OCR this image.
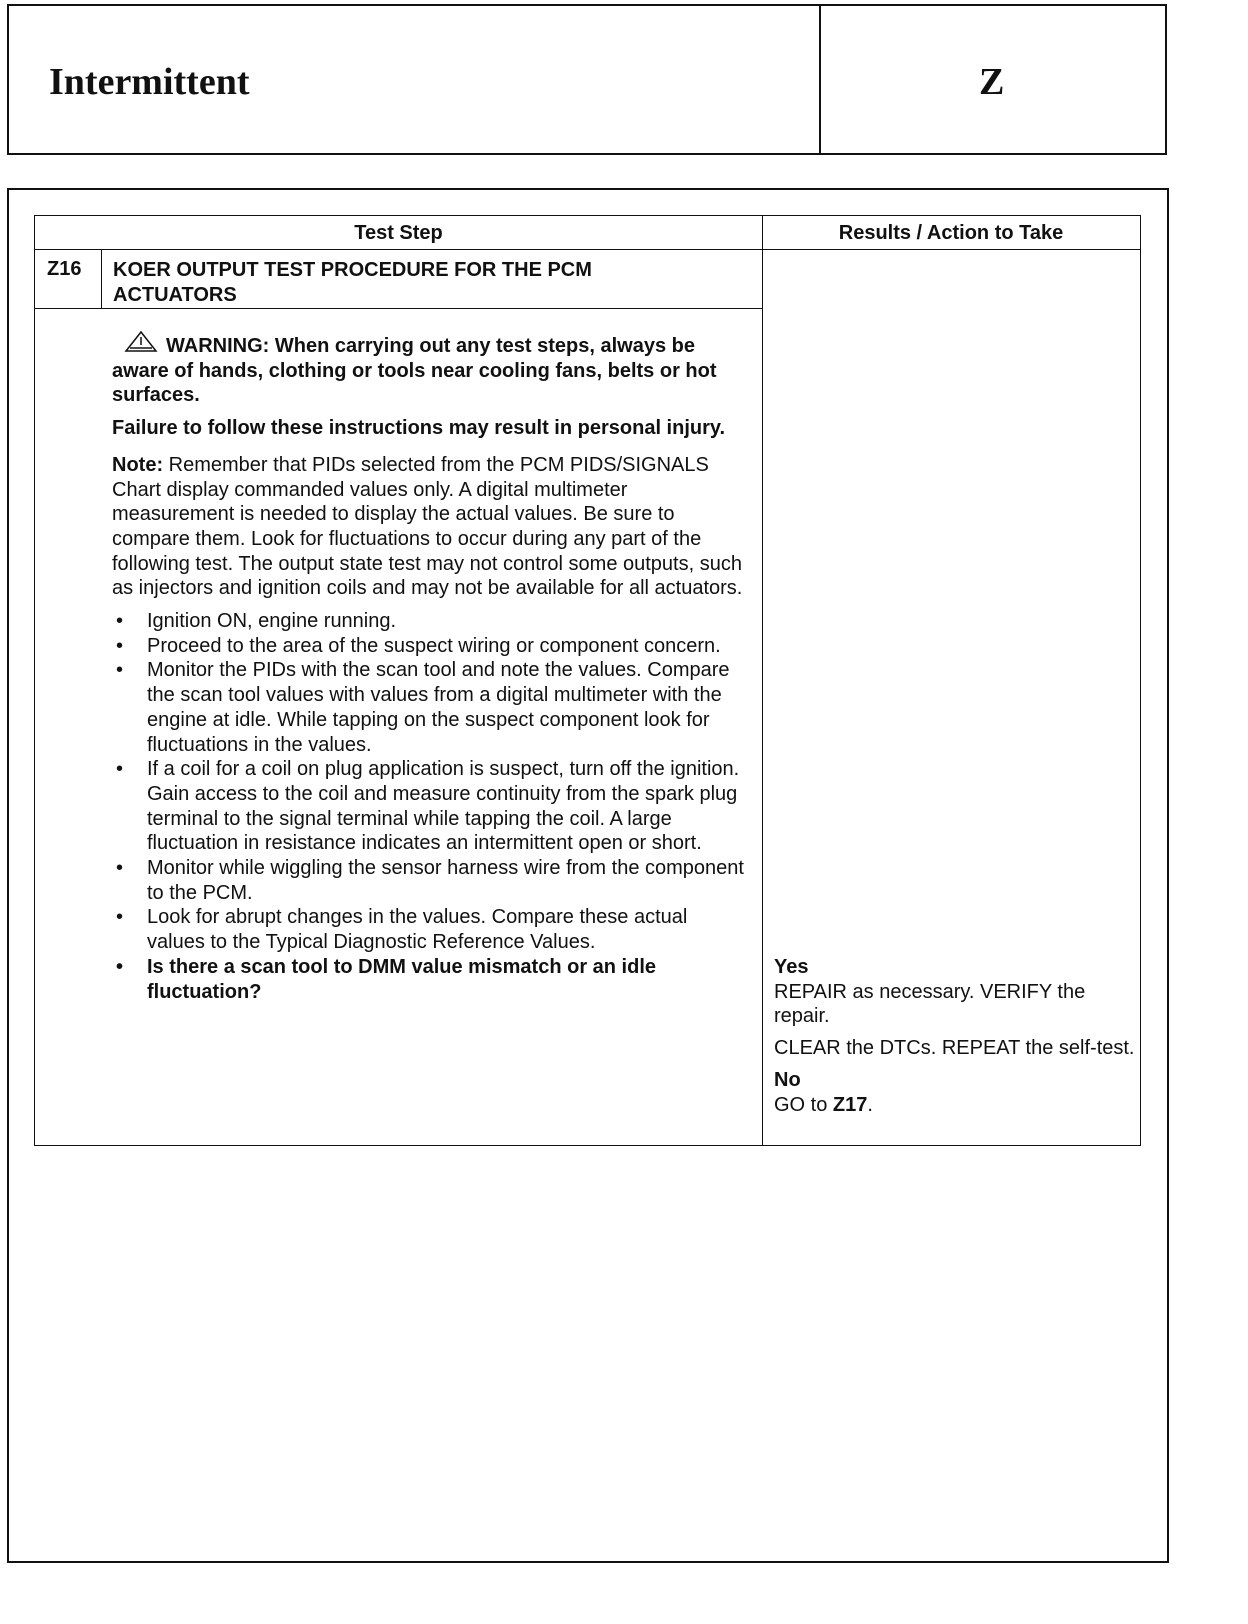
Intermittent	Z
Test Step	Results / Action to Take
Z16 KOER OUTPUT TEST PROCEDURE FOR THE PCM ACTUATORS

WARNING: When carrying out any test steps, always be aware of hands, clothing or tools near cooling fans, belts or hot surfaces.

Failure to follow these instructions may result in personal injury.

Note: Remember that PIDs selected from the PCM PIDS/SIGNALS Chart display commanded values only. A digital multimeter measurement is needed to display the actual values. Be sure to compare them. Look for fluctuations to occur during any part of the following test. The output state test may not control some outputs, such as injectors and ignition coils and may not be available for all actuators.

• Ignition ON, engine running.
• Proceed to the area of the suspect wiring or component concern.
• Monitor the PIDs with the scan tool and note the values. Compare the scan tool values with values from a digital multimeter with the engine at idle. While tapping on the suspect component look for fluctuations in the values.
• If a coil for a coil on plug application is suspect, turn off the ignition. Gain access to the coil and measure continuity from the spark plug terminal to the signal terminal while tapping the coil. A large fluctuation in resistance indicates an intermittent open or short.
• Monitor while wiggling the sensor harness wire from the component to the PCM.
• Look for abrupt changes in the values. Compare these actual values to the Typical Diagnostic Reference Values.
• Is there a scan tool to DMM value mismatch or an idle fluctuation?
Yes

REPAIR as necessary. VERIFY the repair.

CLEAR the DTCs. REPEAT the self-test.

No
GO to Z17.
